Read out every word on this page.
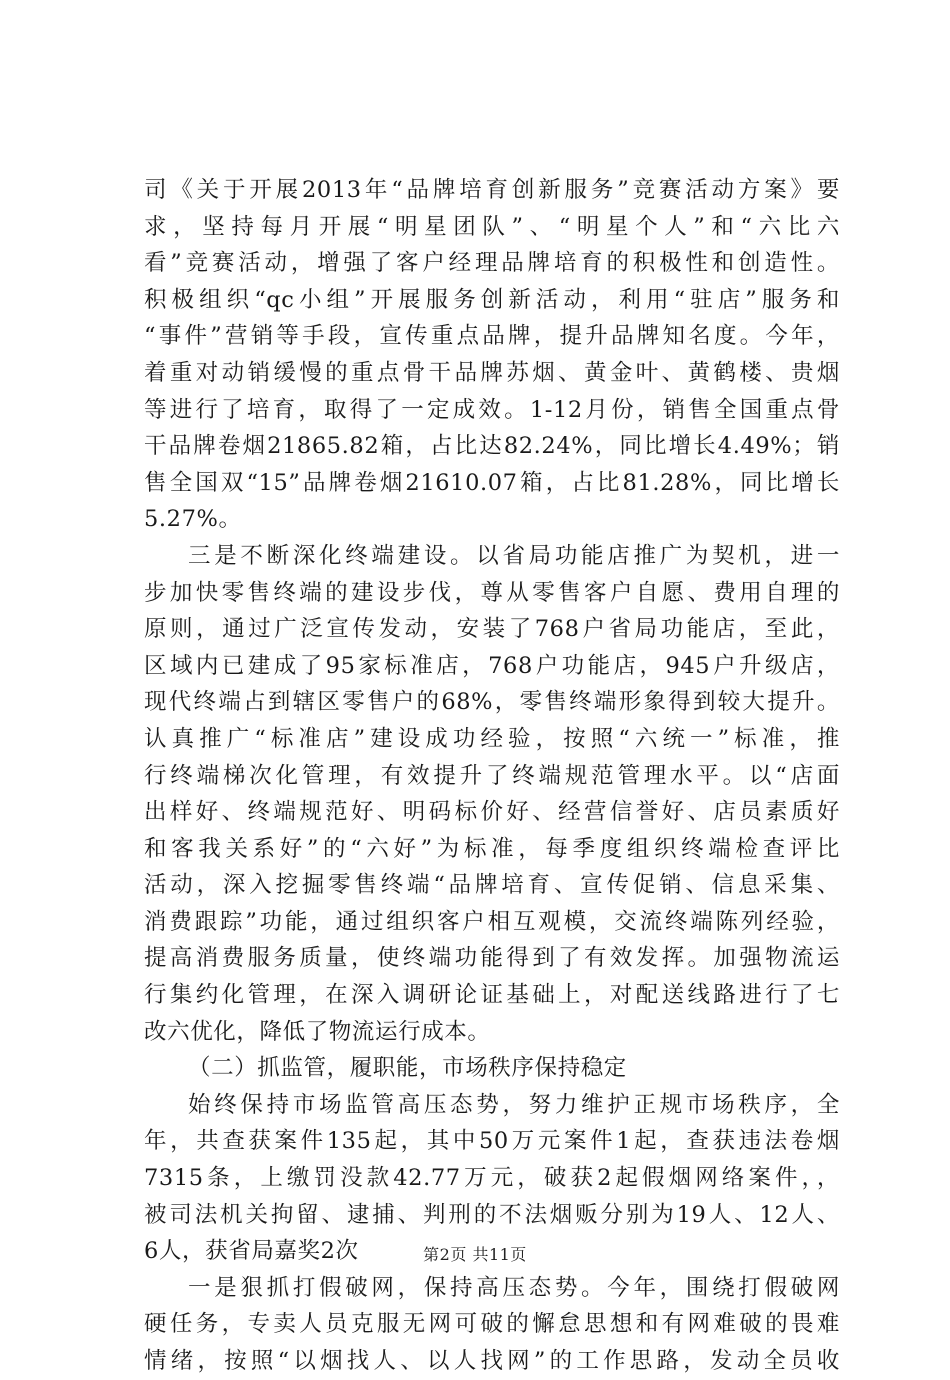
司《关于开展2013年“品牌培育创新服务”竞赛活动方案》要
求，坚持每月开展“明星团队”、“明星个人”和“六比六
看”竞赛活动，增强了客户经理品牌培育的积极性和创造性。
积极组织“qc小组”开展服务创新活动，利用“驻店”服务和
“事件”营销等手段，宣传重点品牌，提升品牌知名度。今年，
着重对动销缓慢的重点骨干品牌苏烟、黄金叶、黄鹤楼、贵烟
等进行了培育，取得了一定成效。1-12月份，销售全国重点骨
干品牌卷烟21865.82箱，占比达82.24%，同比增长4.49%；销
售全国双“15”品牌卷烟21610.07箱，占比81.28%，同比增长
5.27%。
三是不断深化终端建设。以省局功能店推广为契机，进一
步加快零售终端的建设步伐，尊从零售客户自愿、费用自理的
原则，通过广泛宣传发动，安装了768户省局功能店，至此，
区域内已建成了95家标准店，768户功能店，945户升级店，
现代终端占到辖区零售户的68%，零售终端形象得到较大提升。
认真推广“标准店”建设成功经验，按照“六统一”标准，推
行终端梯次化管理，有效提升了终端规范管理水平。以“店面
出样好、终端规范好、明码标价好、经营信誉好、店员素质好
和客我关系好”的“六好”为标准，每季度组织终端检查评比
活动，深入挖掘零售终端“品牌培育、宣传促销、信息采集、
消费跟踪”功能，通过组织客户相互观模，交流终端陈列经验，
提高消费服务质量，使终端功能得到了有效发挥。加强物流运
行集约化管理，在深入调研论证基础上，对配送线路进行了七
改六优化，降低了物流运行成本。
（二）抓监管，履职能，市场秩序保持稳定
始终保持市场监管高压态势，努力维护正规市场秩序，全
年，共查获案件135起，其中50万元案件1起，查获违法卷烟
7315条，上缴罚没款42.77万元，破获2起假烟网络案件，，
被司法机关拘留、逮捕、判刑的不法烟贩分别为19人、12人、
6人，获省局嘉奖2次
一是狠抓打假破网，保持高压态势。今年，围绕打假破网
硬任务，专卖人员克服无网可破的懈怠思想和有网难破的畏难
情绪，按照“以烟找人、以人找网”的工作思路，发动全员收
第2页 共11页
